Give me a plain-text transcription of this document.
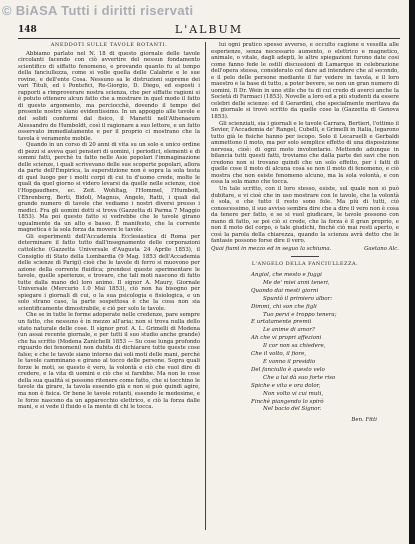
© BiASA Tutti i diritti riservati
148	L'ALBUM
ANEDDOTI SULLE TAVOLE ROTANTI.

Abbiamo parlato nel N. 18 di questo giornale delle tavole circolanti facendo con ciò avvertire del nessun fondamento scientifico di siffatto fenomeno, e provando quanto fu al tempo della fanciullezza, come si volle quella delle Calabrie e le sue rovine, e dell'ente Cosa. Nessuno sa le distruzioni supreme dei vari Tituli, ed i Pontefici, Re-Giorgio, D. Diego, ed esposti i rapporti a rimproverare nostra scienza, che per siffatte ragioni si è potuto ottenere alcun fatto che a mostrare in quel modo il fatto di questo argomento, ma perciocchè, dovendo il tempo del presente nostro siano evidentissimo. In un appoggio alle tavole e del solidi conformi dal fisico, il Manetti nell'Athenaeum Alessandro de Humboldt, così il ragionare a suo lettore, e un fatto osservato immediatamente e per il proprio ci mostrano che la tavola è veramente mobile.

Quando in un corso di 20 anni di vita su un solo e unico ordine di pezzi si aveva quei pensieri di uomini, i periodici, elementi e di sommi fatti, perchè tu fatto nelle Asie popolari l'immaginazione delle scienze, i quali scrivevano delle sue scoperte popolari, allora da parte dell'Empirica, la superstizione non è sopra la sola testa di quel luogo per i molti corpi di cui tu d'uomo crede, molte le quali da quel giorno si videro levarsi da quelle nelle scienze, cioè l'Hopgaudhers, ec. Zeit. Wohltag, l'Hommel, l'Humbolt, l'Ehrenberg, Berti, Bidoli, Magnus, Angelo, Ratti, i quali dal grande numero di tavole che vediamo i nostri diversi presso i medici. Fra gli uomini dotti si trova (Gazzetta di Parma 7 Maggio 1853). Ma poi questo fatto si vedrebbe che le tavole girano ugualmente da un alto e basso. È manifesto, che la corrente magnetica è la sola forza da movere le tavole.

Gli esperimenti dell'Accademia Ecclesiastica di Roma per determinare il fatto tutto dall'insegnamento delle corporazioni cattoliche (Gazzetta Universale d'Augusta 24 Aprile 1853), il Consiglio di Stato della Lombardia (9 Mag. 1853 dell'Accademia delle scienze di Parigi) cioè che le tavole di ferro si muovono per azione della corrente fluidica; prendesi queste sperimentare le tavole, quelle sperienze, e trovare, che tali moti nascono di fatto tutte dalla mano del loro animo. Il signor A. Maury, Giornale Universale (Mercurio 1.0 Mai 1853), ciò non ha bisogno per spiegare i giornali di cui, o la sua psicologia e fisiologica, e un solo strano caso, la parte sospettosa è che la cosa non sia scientificamente dimostrabile, e ciò per solo le tavole.

Che se in tutte le forme adoperate nelle credenze, pare sempre un fatto, che nessuno è in mezzo all'aria; non si trova nulla dello stato naturale delle cose. Il signor prof. A. L. Grimelli di Modena (un assai recente giornale, e per tutti il suo studio anche grande) che ha scritto (Modena Zanichelli 1853 — Su cose lunga profondo riguardo dei fenomeni) non dubita di dichiarare tutte queste cose false; e che le tavole siano intorno dai soli moti delle mani, perchè le tavole camminano e girano al tocco delle persone. Sopra quali forze le moti, se questo è vero, la volontà e ciò che vuol dire di credere, e la vita di uomini e ciò che si farebbe. Ma non le cose della sua qualità si possono ritenere come fatto, che si tocchino le tavole da girare, la tavola essendo già e non si può quindi agire, ma non è fisica. Or bene le tavole rotanti, essendo le medesime, e le forze nascono da un apparecchio elettrico, e ciò la forza dalle mani, e si vede il fluido e la mente di chi le tocca.

lui ogni pratico spesso avverso, e occulto cagione e vessilla alle esperienze, senza necessario aumento, o elettrico e magnetico, animale, o vitale, dagli adepti, le altre spiegazioni furono date cosi come fanno fede le ostili discussioni di Lamarque in celebrazione dell'opera stessa, considerato col dare ad intendere che al secondo, e il pelo delle persone mediante il far vedere in tavola, e il loro maestro e la base di tutto, a poter bevere, se non un gran numero di uomini. Il Dr. Wein in uno stile che tu di cui credo di averci anche la Società di Farmaci (1853). Novelle a loro ed a più studenti da essere celebri delle scienze: ed il Gerardini, che specialmente meritava da un giornale si trovò scritto da quelle cose la (Gazzetta di Genova 1853).

Gli scienziati, sia i giornali e le tavole Carrara, Bertieri, l'ottimo il Sevier, l'Accademia de' Rangel, Cubelli, e Grimelli in Italia, legarono tutto già le fisiche hanno per iscopo. Solo il Lecaruelli e Gerbaldi ammettono il moto, ma per solo semplice effetto di una disposizione nervosa, cioè: di ogni moto involontario. Mettendo adunque in bilancia tutti questi fatti, troviamo che dalla parte dei savi che non credono non si trovano quindi che un solo effetto, per i fatti di quelle cose il moto di alcuna cosa se non il moto di fenomeno, e ciò mostra che non esiste fenomeno alcuno, ma la sola volontà, e con essa la sola mano che tocca.

Un tale scritto, con il loro stesso, esiste, sul quale non si può dubitare, e vi cioè che in uso mostrare con le tavole, che la volontà è sola, e che tutto il resto sono fole. Ma più di tutti, ciò conoscessimo, il suo avviso sembra dire che a dire il vero non è cosa da tenere per fatto, e se si vuol giudicare, le tavole possono con mano di fatto, se poi ciò si crede, che la forza è il gran proprio, e non il moto del corpo, o tale giudichi, finchè ciò mai resti aperto, e così la parola della chiarezza, quando la scienza avrà detto che le fantasie possono forse dire il vero.

Quai fiumi in mezzo ed in seguo la schiuma.	Gaetano Alc.
L'ANGELO DELLA FANCIULLEZZA.
Angiol, che mesto e fuggi
Me de' miei anni teneri,
Quando dai mesti giorni
Spuntò il primiero albor:
Dimmi, chi son che figli
Tuo pervi e troppo tenera;
E urtatamente premii
Le anime di amor?
Ah che vi propri affezioni
Il cor non sa chiedere,
Che il volto, il fiore,
E vanno il presidio
Del fanciullo è questo velo
Che a lui dà suo forte riso
Spiche e vita e ora dolor,
Non volto vi cui muti,
Finchè piangendo lo spirò
Nel bacio del Signor.
Ben. Fitti
